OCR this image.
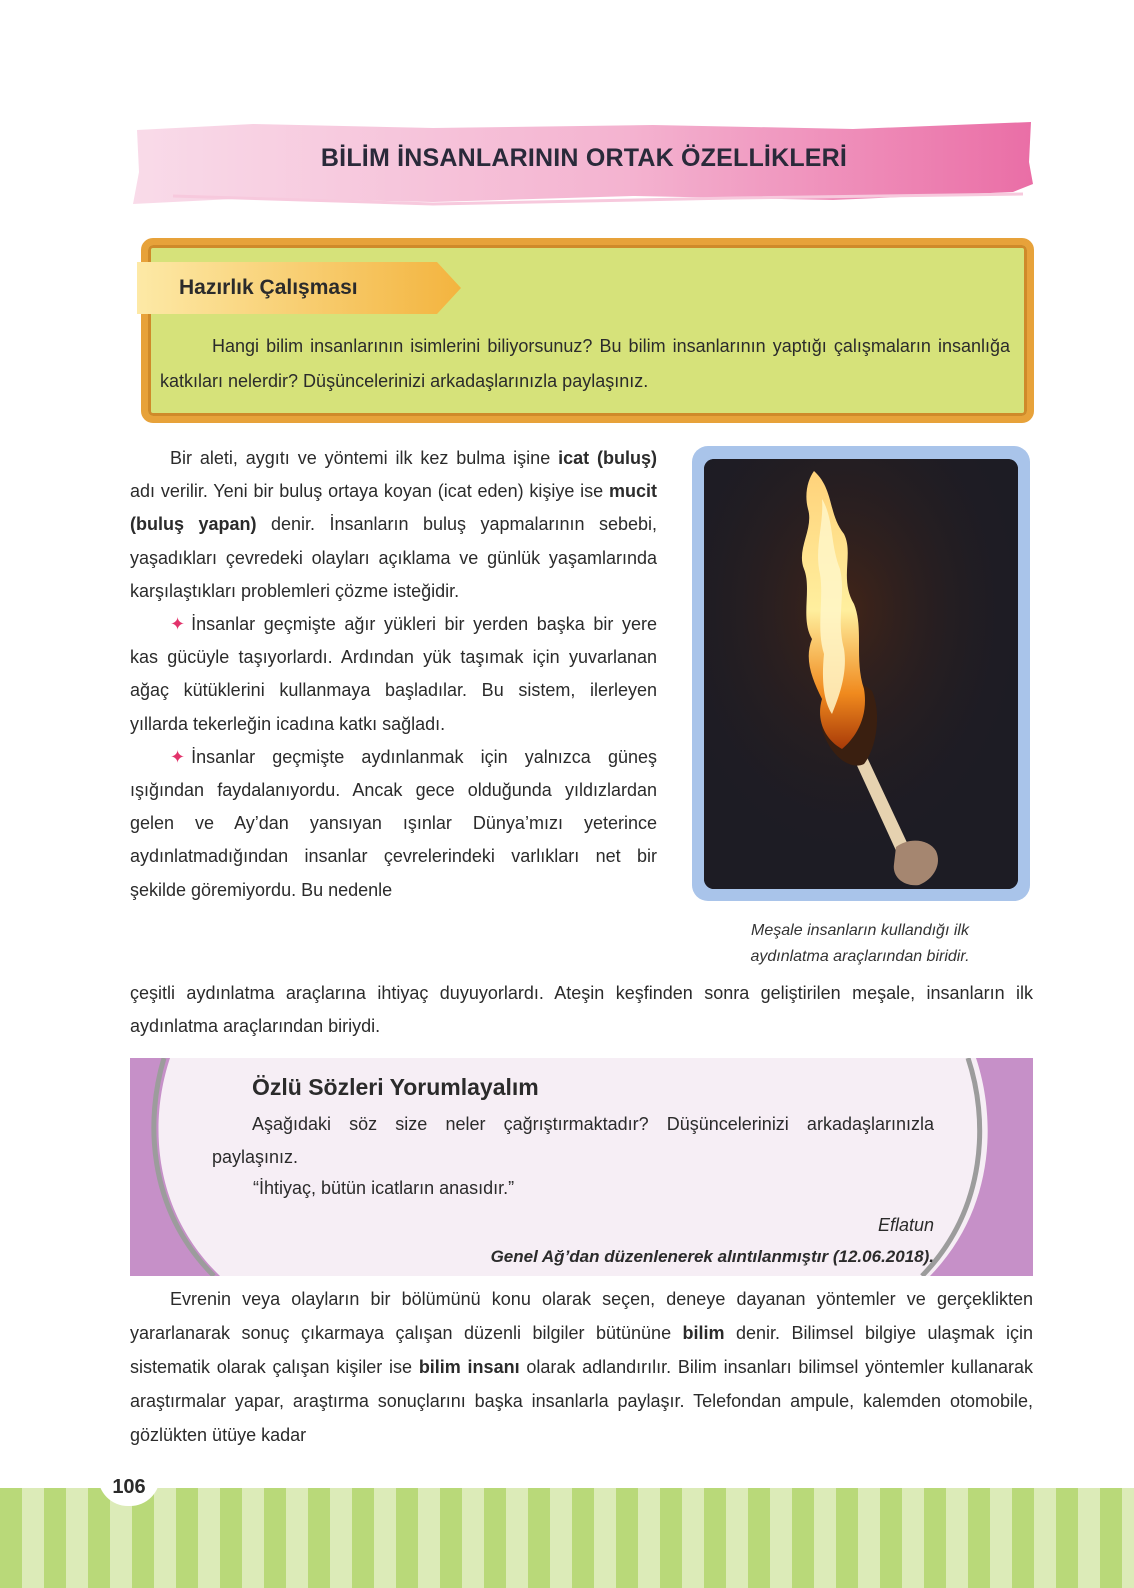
BİLİM İNSANLARININ ORTAK ÖZELLİKLERİ
Hazırlık Çalışması
Hangi bilim insanlarının isimlerini biliyorsunuz? Bu bilim insanlarının yaptığı çalışmaların insanlığa katkıları nelerdir? Düşüncelerinizi arkadaşlarınızla paylaşınız.

Bir aleti, aygıtı ve yöntemi ilk kez bulma işine icat (buluş) adı verilir. Yeni bir buluş ortaya koyan (icat eden) kişiye ise mucit (buluş yapan) denir. İnsanların buluş yapmalarının sebebi, yaşadıkları çevredeki olayları açıklama ve günlük yaşamlarında karşılaştıkları problemleri çözme isteğidir.

✦ İnsanlar geçmişte ağır yükleri bir yerden başka bir yere kas gücüyle taşıyorlardı. Ardından yük taşımak için yuvarlanan ağaç kütüklerini kullanmaya başladılar. Bu sistem, ilerleyen yıllarda tekerleğin icadına katkı sağladı.

✦ İnsanlar geçmişte aydınlanmak için yalnızca güneş ışığından faydalanıyordu. Ancak gece olduğunda yıldızlardan gelen ve Ay’dan yansıyan ışınlar Dünya’mızı yeterince aydınlatmadığından insanlar çevrelerindeki varlıkları net bir şekilde göremiyordu. Bu nedenle

çeşitli aydınlatma araçlarına ihtiyaç duyuyorlardı. Ateşin keşfinden sonra geliştirilen meşale, insanların ilk aydınlatma araçlarından biriydi.
Meşale insanların kullandığı ilk
aydınlatma araçlarından biridir.
Özlü Sözleri Yorumlayalım
Aşağıdaki söz size neler çağrıştırmaktadır? Düşüncelerinizi arkadaşlarınızla paylaşınız.
“İhtiyaç, bütün icatların anasıdır.”
Eflatun
Genel Ağ’dan düzenlenerek alıntılanmıştır (12.06.2018).

Evrenin veya olayların bir bölümünü konu olarak seçen, deneye dayanan yöntemler ve gerçeklikten yararlanarak sonuç çıkarmaya çalışan düzenli bilgiler bütününe bilim denir. Bilimsel bilgiye ulaşmak için sistematik olarak çalışan kişiler ise bilim insanı olarak adlandırılır. Bilim insanları bilimsel yöntemler kullanarak araştırmalar yapar, araştırma sonuçlarını başka insanlarla paylaşır. Telefondan ampule, kalemden otomobile, gözlükten ütüye kadar

106
